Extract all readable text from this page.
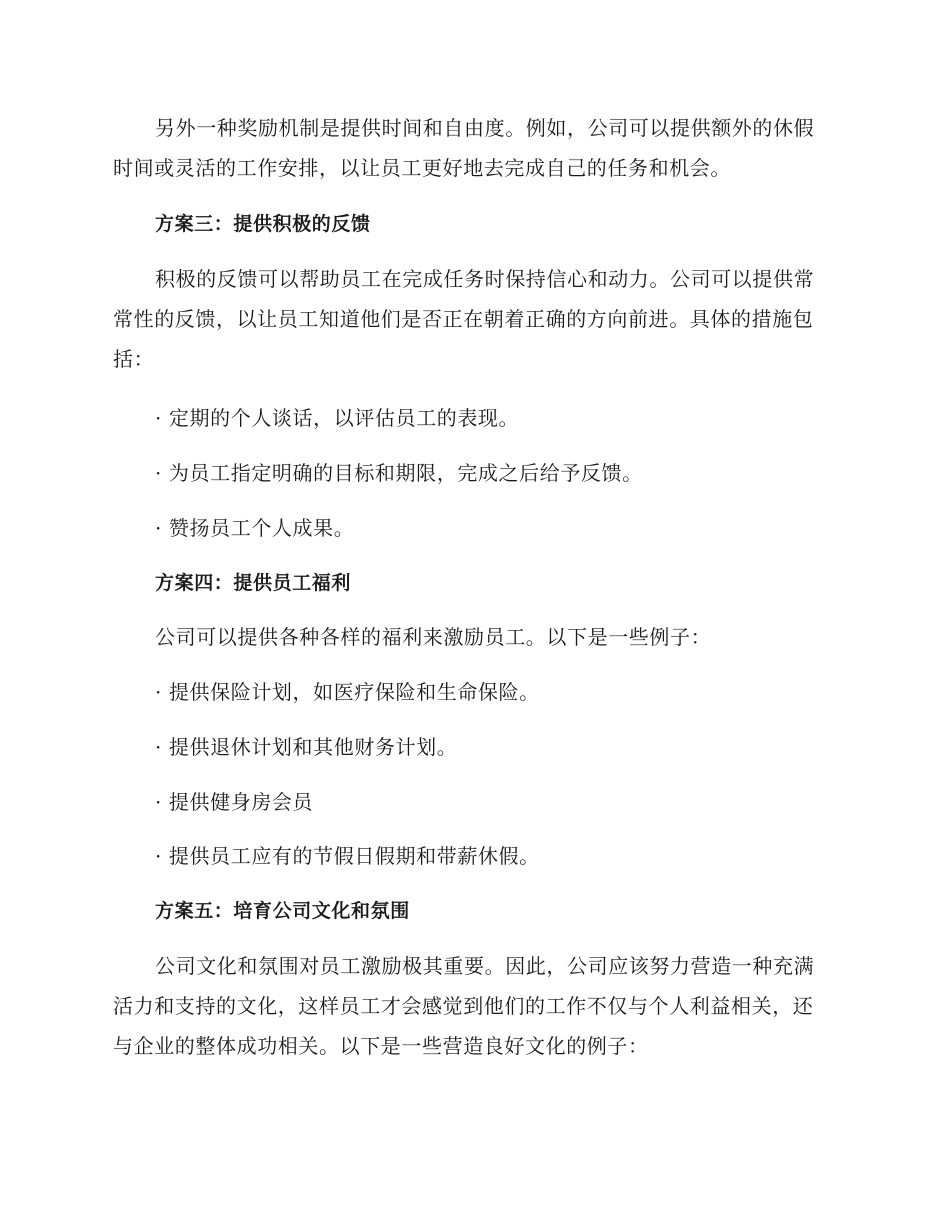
另外一种奖励机制是提供时间和自由度。例如，公司可以提供额外的休假时间或灵活的工作安排，以让员工更好地去完成自己的任务和机会。

方案三：提供积极的反馈

积极的反馈可以帮助员工在完成任务时保持信心和动力。公司可以提供常常性的反馈，以让员工知道他们是否正在朝着正确的方向前进。具体的措施包括：

· 定期的个人谈话，以评估员工的表现。

· 为员工指定明确的目标和期限，完成之后给予反馈。

· 赞扬员工个人成果。

方案四：提供员工福利

公司可以提供各种各样的福利来激励员工。以下是一些例子：

· 提供保险计划，如医疗保险和生命保险。

· 提供退休计划和其他财务计划。

· 提供健身房会员

· 提供员工应有的节假日假期和带薪休假。

方案五：培育公司文化和氛围

公司文化和氛围对员工激励极其重要。因此，公司应该努力营造一种充满活力和支持的文化，这样员工才会感觉到他们的工作不仅与个人利益相关，还与企业的整体成功相关。以下是一些营造良好文化的例子：
